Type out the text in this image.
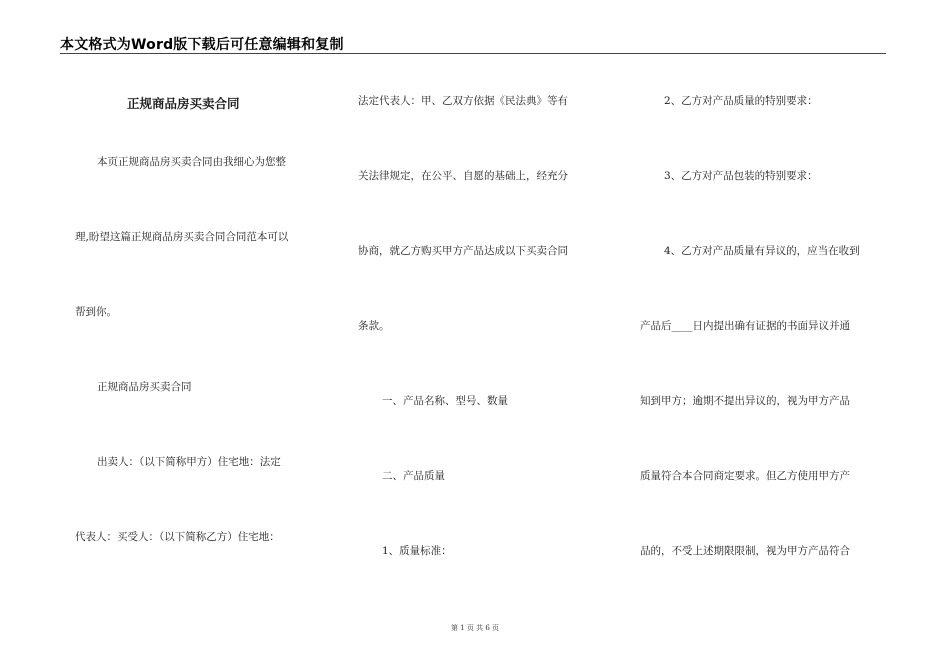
本文格式为Word版下载后可任意编辑和复制
正规商品房买卖合同
本页正规商品房买卖合同由我细心为您整
理,盼望这篇正规商品房买卖合同合同范本可以
帮到你。
正规商品房买卖合同
出卖人：（以下简称甲方）住宅地：法定
代表人：买受人：（以下简称乙方）住宅地：
法定代表人：甲、乙双方依据《民法典》等有
关法律规定，在公平、自愿的基础上，经充分
协商，就乙方购买甲方产品达成以下买卖合同
条款。
一、产品名称、型号、数量
二、产品质量
1、质量标准：
2、乙方对产品质量的特别要求：
3、乙方对产品包装的特别要求：
4、乙方对产品质量有异议的，应当在收到
产品后____日内提出确有证据的书面异议并通
知到甲方；逾期不提出异议的，视为甲方产品
质量符合本合同商定要求。但乙方使用甲方产
品的，不受上述期限限制，视为甲方产品符合
第 1 页 共 6 页
